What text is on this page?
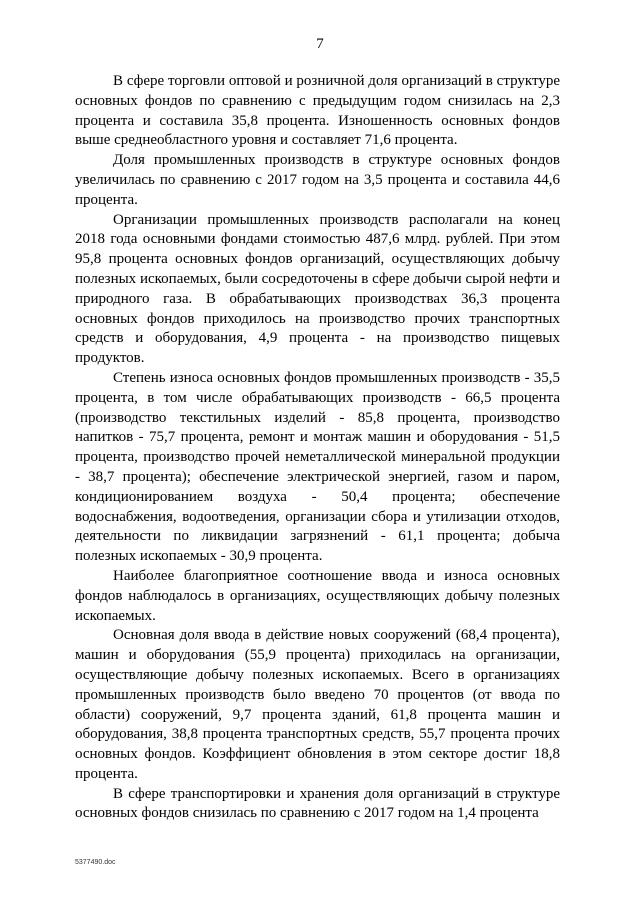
7

В сфере торговли оптовой и розничной доля организаций в структуре основных фондов по сравнению с предыдущим годом снизилась на 2,3 процента и составила 35,8 процента. Изношенность основных фондов выше среднеобластного уровня и составляет 71,6 процента.

Доля промышленных производств в структуре основных фондов увеличилась по сравнению с 2017 годом на 3,5 процента и составила 44,6 процента.

Организации промышленных производств располагали на конец 2018 года основными фондами стоимостью 487,6 млрд. рублей. При этом 95,8 процента основных фондов организаций, осуществляющих добычу полезных ископаемых, были сосредоточены в сфере добычи сырой нефти и природного газа. В обрабатывающих производствах 36,3 процента основных фондов приходилось на производство прочих транспортных средств и оборудования, 4,9 процента - на производство пищевых продуктов.

Степень износа основных фондов промышленных производств - 35,5 процента, в том числе обрабатывающих производств - 66,5 процента (производство текстильных изделий - 85,8 процента, производство напитков - 75,7 процента, ремонт и монтаж машин и оборудования - 51,5 процента, производство прочей неметаллической минеральной продукции - 38,7 процента); обеспечение электрической энергией, газом и паром, кондиционированием воздуха - 50,4 процента; обеспечение водоснабжения, водоотведения, организации сбора и утилизации отходов, деятельности по ликвидации загрязнений - 61,1 процента; добыча полезных ископаемых - 30,9 процента.

Наиболее благоприятное соотношение ввода и износа основных фондов наблюдалось в организациях, осуществляющих добычу полезных ископаемых.

Основная доля ввода в действие новых сооружений (68,4 процента), машин и оборудования (55,9 процента) приходилась на организации, осуществляющие добычу полезных ископаемых. Всего в организациях промышленных производств было введено 70 процентов (от ввода по области) сооружений, 9,7 процента зданий, 61,8 процента машин и оборудования, 38,8 процента транспортных средств, 55,7 процента прочих основных фондов. Коэффициент обновления в этом секторе достиг 18,8 процента.

В сфере транспортировки и хранения доля организаций в структуре основных фондов снизилась по сравнению с 2017 годом на 1,4 процента

5377490.doc
